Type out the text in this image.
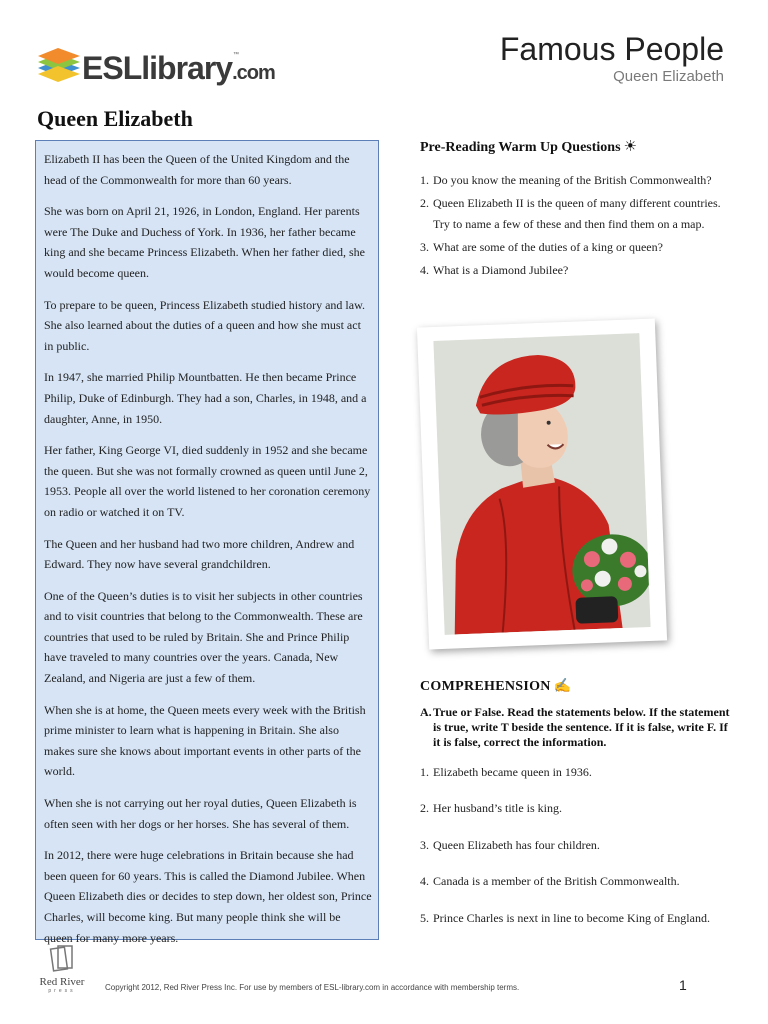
ESLlibrary.com
™	Famous People
Queen Elizabeth
Queen Elizabeth

Elizabeth II has been the Queen of the United Kingdom and the head of the Commonwealth for more than 60 years.

She was born on April 21, 1926, in London, England. Her parents were The Duke and Duchess of York. In 1936, her father became king and she became Princess Elizabeth. When her father died, she would become queen.

To prepare to be queen, Princess Elizabeth studied history and law. She also learned about the duties of a queen and how she must act in public.

In 1947, she married Philip Mountbatten. He then became Prince Philip, Duke of Edinburgh. They had a son, Charles, in 1948, and a daughter, Anne, in 1950.

Her father, King George VI, died suddenly in 1952 and she became the queen. But she was not formally crowned as queen until June 2, 1953. People all over the world listened to her coronation ceremony on radio or watched it on TV.

The Queen and her husband had two more children, Andrew and Edward. They now have several grandchildren.

One of the Queen’s duties is to visit her subjects in other countries and to visit countries that belong to the Commonwealth. These are countries that used to be ruled by Britain. She and Prince Philip have traveled to many countries over the years. Canada, New Zealand, and Nigeria are just a few of them.

When she is at home, the Queen meets every week with the British prime minister to learn what is happening in Britain. She also makes sure she knows about important events in other parts of the world.

When she is not carrying out her royal duties, Queen Elizabeth is often seen with her dogs or her horses. She has several of them.

In 2012, there were huge celebrations in Britain because she had been queen for 60 years. This is called the Diamond Jubilee. When Queen Elizabeth dies or decides to step down, her oldest son, Prince Charles, will become king. But many people think she will be queen for many more years.

Pre-Reading Warm Up Questions ☀
1. Do you know the meaning of the British Commonwealth?
2. Queen Elizabeth II is the queen of many different countries. Try to name a few of these and then find them on a map.
3. What are some of the duties of a king or queen?
4. What is a Diamond Jubilee?
COMPREHENSION ✍
A. True or False. Read the statements below. If the statement is true, write T beside the sentence. If it is false, write F. If it is false, correct the information.
1. Elizabeth became queen in 1936.
2. Her husband’s title is king.
3. Queen Elizabeth has four children.
4. Canada is a member of the British Commonwealth.
5. Prince Charles is next in line to become King of England.
Red River
press	Copyright 2012, Red River Press Inc. For use by members of ESL-library.com in accordance with membership terms.	1
